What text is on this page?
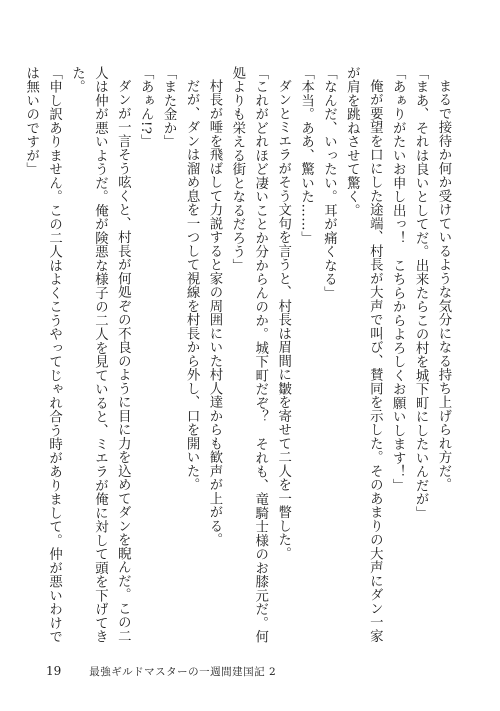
まるで接待か何か受けているような気分になる持ち上げられ方だ。

「まあ、それは良いとしてだ。出来たらこの村を城下町にしたいんだが」

「あぁりがたいお申し出っ！　こちらからよろしくお願いします！」

俺が要望を口にした途端、村長が大声で叫び、賛同を示した。そのあまりの大声にダン一家が肩を跳ねさせて驚く。

「なんだ、いったい。耳が痛くなる」

「本当。ああ、驚いた……」

ダンとミエラがそう文句を言うと、村長は眉間に皺を寄せて二人を一瞥した。

「これがどれほど凄いことか分からんのか。城下町だぞ？　それも、竜騎士様のお膝元だ。何処よりも栄える街となるだろう」

村長が唾を飛ばして力説すると家の周囲にいた村人達からも歓声が上がる。

だが、ダンは溜め息を一つして視線を村長から外し、口を開いた。

「また金か」

「あぁん!?」

ダンが一言そう呟くと、村長が何処ぞの不良のように目に力を込めてダンを睨んだ。この二人は仲が悪いようだ。俺が険悪な様子の二人を見ていると、ミエラが俺に対して頭を下げてきた。

「申し訳ありません。この二人はよくこうやってじゃれ合う時がありまして。仲が悪いわけでは無いのですが」

19	最強ギルドマスターの一週間建国記 2
